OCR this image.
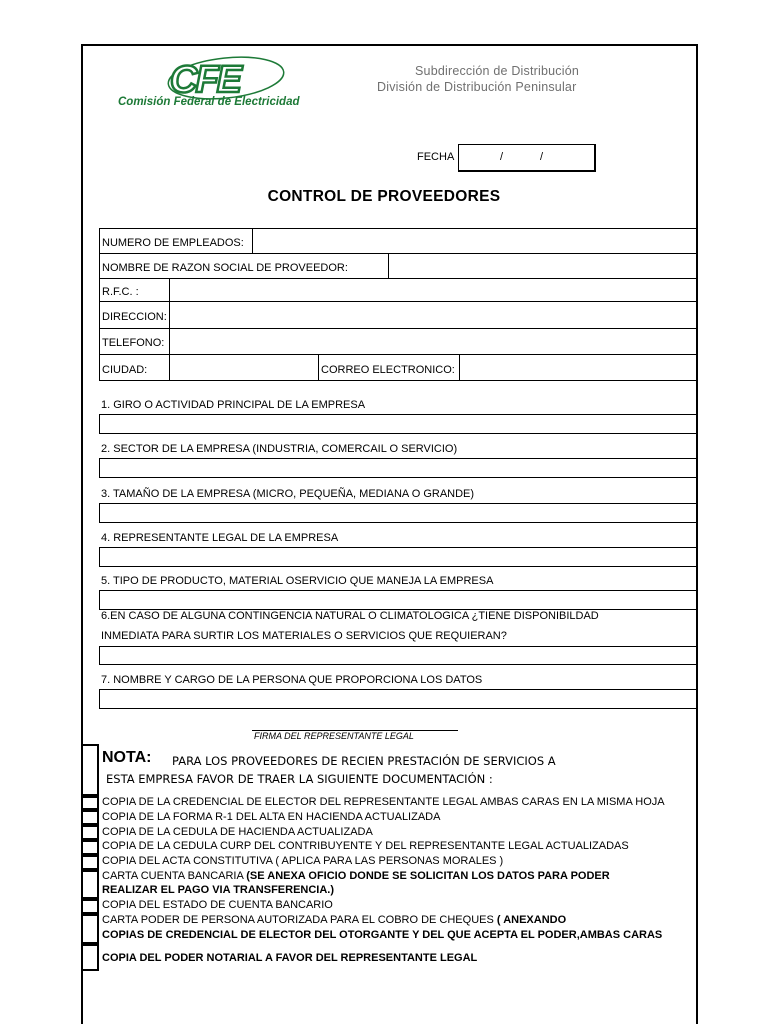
CFE
Comisión Federal de Electricidad
Subdirección de Distribución
División de Distribución Peninsular
FECHA	/	/
CONTROL DE PROVEEDORES
NUMERO DE EMPLEADOS:
NOMBRE DE RAZON SOCIAL DE PROVEEDOR:
R.F.C. :
DIRECCION:
TELEFONO:
CIUDAD:	CORREO ELECTRONICO:
1. GIRO O ACTIVIDAD PRINCIPAL DE LA EMPRESA
2. SECTOR DE LA EMPRESA (INDUSTRIA, COMERCAIL O SERVICIO)
3. TAMAÑO DE LA EMPRESA (MICRO, PEQUEÑA, MEDIANA O GRANDE)
4. REPRESENTANTE LEGAL DE LA EMPRESA
5. TIPO DE PRODUCTO, MATERIAL OSERVICIO QUE MANEJA LA EMPRESA
6.EN CASO DE ALGUNA CONTINGENCIA NATURAL O CLIMATOLOGICA ¿TIENE DISPONIBILDAD
INMEDIATA PARA SURTIR LOS MATERIALES O SERVICIOS QUE REQUIERAN?
7. NOMBRE Y CARGO DE LA PERSONA QUE PROPORCIONA LOS DATOS
FIRMA DEL REPRESENTANTE LEGAL
NOTA: PARA LOS PROVEEDORES DE RECIEN PRESTACIÓN DE SERVICIOS A
ESTA EMPRESA FAVOR DE TRAER LA SIGUIENTE DOCUMENTACIÓN :
COPIA DE LA CREDENCIAL DE ELECTOR DEL REPRESENTANTE LEGAL AMBAS CARAS EN LA MISMA HOJA
COPIA DE LA FORMA R-1 DEL ALTA EN HACIENDA ACTUALIZADA
COPIA DE LA CEDULA DE HACIENDA ACTUALIZADA
COPIA DE LA CEDULA CURP DEL CONTRIBUYENTE Y DEL REPRESENTANTE LEGAL ACTUALIZADAS
COPIA DEL ACTA CONSTITUTIVA ( APLICA PARA LAS PERSONAS MORALES )
CARTA CUENTA BANCARIA (SE ANEXA OFICIO DONDE SE SOLICITAN LOS DATOS PARA PODER
REALIZAR EL PAGO VIA TRANSFERENCIA.)
COPIA DEL ESTADO DE CUENTA BANCARIO
CARTA PODER DE PERSONA AUTORIZADA PARA EL COBRO DE CHEQUES ( ANEXANDO
COPIAS DE CREDENCIAL DE ELECTOR DEL OTORGANTE Y DEL QUE ACEPTA EL PODER,AMBAS CARAS
COPIA DEL PODER NOTARIAL A FAVOR DEL REPRESENTANTE LEGAL
